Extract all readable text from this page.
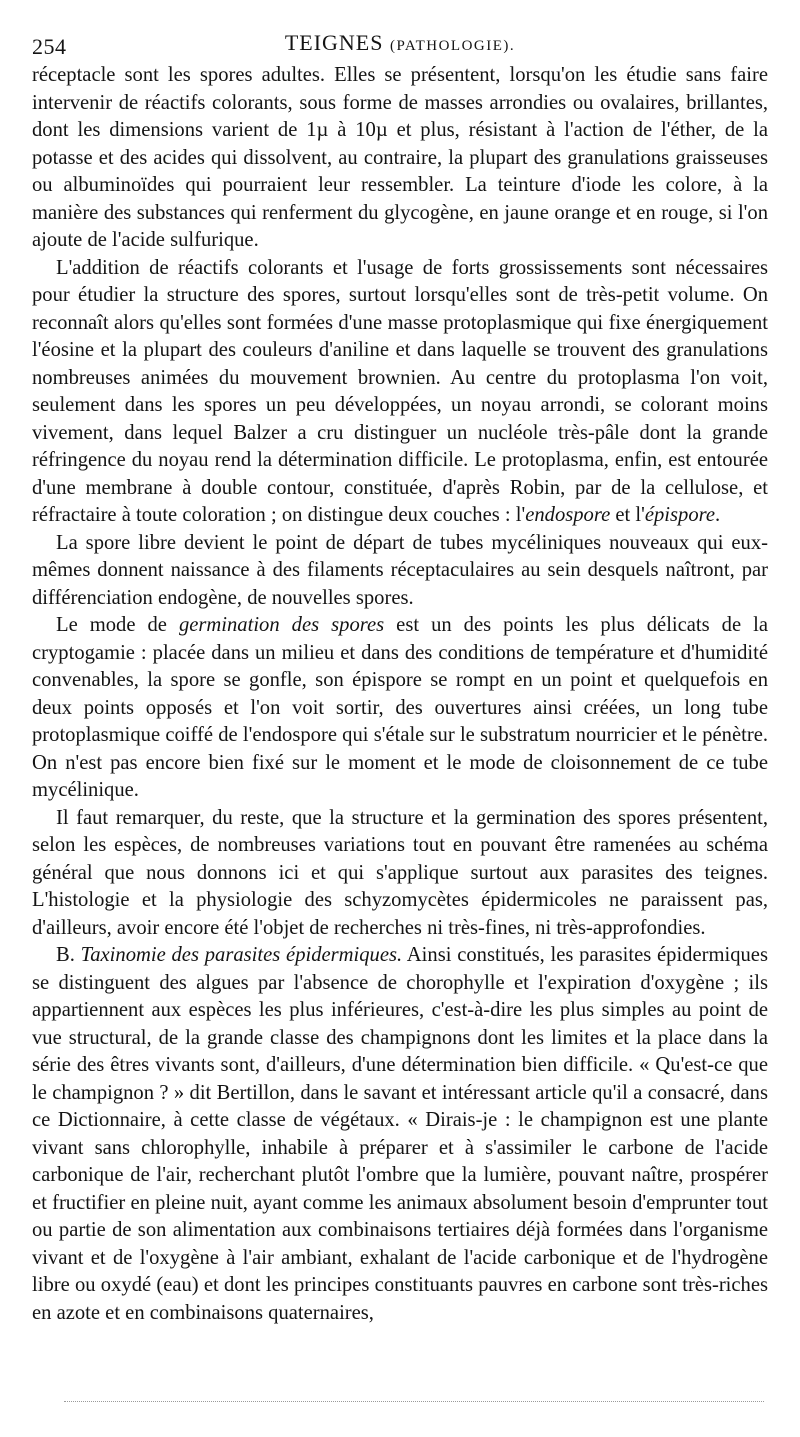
254	TEIGNES (PATHOLOGIE).

réceptacle sont les spores adultes. Elles se présentent, lorsqu'on les étudie sans faire intervenir de réactifs colorants, sous forme de masses arrondies ou ovalaires, brillantes, dont les dimensions varient de 1µ à 10µ et plus, résistant à l'action de l'éther, de la potasse et des acides qui dissolvent, au contraire, la plupart des granulations graisseuses ou albuminoïdes qui pourraient leur ressembler. La teinture d'iode les colore, à la manière des substances qui renferment du glycogène, en jaune orange et en rouge, si l'on ajoute de l'acide sulfurique.

L'addition de réactifs colorants et l'usage de forts grossissements sont nécessaires pour étudier la structure des spores, surtout lorsqu'elles sont de très-petit volume. On reconnaît alors qu'elles sont formées d'une masse protoplasmique qui fixe énergiquement l'éosine et la plupart des couleurs d'aniline et dans laquelle se trouvent des granulations nombreuses animées du mouvement brownien. Au centre du protoplasma l'on voit, seulement dans les spores un peu développées, un noyau arrondi, se colorant moins vivement, dans lequel Balzer a cru distinguer un nucléole très-pâle dont la grande réfringence du noyau rend la détermination difficile. Le protoplasma, enfin, est entourée d'une membrane à double contour, constituée, d'après Robin, par de la cellulose, et réfractaire à toute coloration ; on distingue deux couches : l'endospore et l'épispore.

La spore libre devient le point de départ de tubes mycéliniques nouveaux qui eux-mêmes donnent naissance à des filaments réceptaculaires au sein desquels naîtront, par différenciation endogène, de nouvelles spores.

Le mode de germination des spores est un des points les plus délicats de la cryptogamie : placée dans un milieu et dans des conditions de température et d'humidité convenables, la spore se gonfle, son épispore se rompt en un point et quelquefois en deux points opposés et l'on voit sortir, des ouvertures ainsi créées, un long tube protoplasmique coiffé de l'endospore qui s'étale sur le substratum nourricier et le pénètre. On n'est pas encore bien fixé sur le moment et le mode de cloisonnement de ce tube mycélinique.

Il faut remarquer, du reste, que la structure et la germination des spores présentent, selon les espèces, de nombreuses variations tout en pouvant être ramenées au schéma général que nous donnons ici et qui s'applique surtout aux parasites des teignes. L'histologie et la physiologie des schyzomycètes épidermicoles ne paraissent pas, d'ailleurs, avoir encore été l'objet de recherches ni très-fines, ni très-approfondies.

B. Taxinomie des parasites épidermiques. Ainsi constitués, les parasites épidermiques se distinguent des algues par l'absence de chorophylle et l'expiration d'oxygène ; ils appartiennent aux espèces les plus inférieures, c'est-à-dire les plus simples au point de vue structural, de la grande classe des champignons dont les limites et la place dans la série des êtres vivants sont, d'ailleurs, d'une détermination bien difficile. « Qu'est-ce que le champignon ? » dit Bertillon, dans le savant et intéressant article qu'il a consacré, dans ce Dictionnaire, à cette classe de végétaux. « Dirais-je : le champignon est une plante vivant sans chlorophylle, inhabile à préparer et à s'assimiler le carbone de l'acide carbonique de l'air, recherchant plutôt l'ombre que la lumière, pouvant naître, prospérer et fructifier en pleine nuit, ayant comme les animaux absolument besoin d'emprunter tout ou partie de son alimentation aux combinaisons tertiaires déjà formées dans l'organisme vivant et de l'oxygène à l'air ambiant, exhalant de l'acide carbonique et de l'hydrogène libre ou oxydé (eau) et dont les principes constituants pauvres en carbone sont très-riches en azote et en combinaisons quaternaires,
